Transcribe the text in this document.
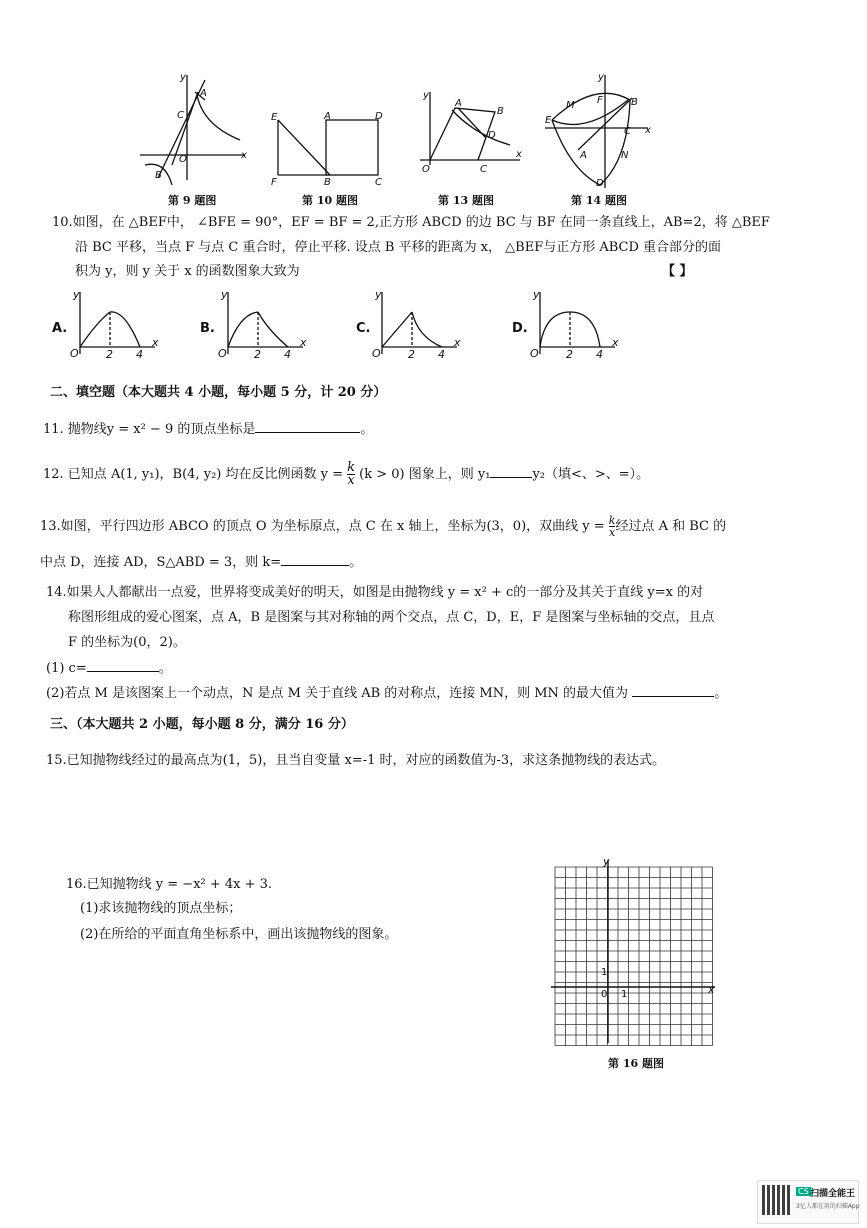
y
x
O
A
B
C	E
F
A	D
B	C
y
x
O
A
B
C
D
y
x
M F	B
E
C
A	N
D
第 9 题图	第 10 题图	第 13 题图	第 14 题图
10.如图，在 △BEF中， ∠BFE = 90°，EF = BF = 2,正方形 ABCD 的边 BC 与 BF 在同一条直线上，AB=2，将 △BEF
沿 BC 平移，当点 F 与点 C 重合时，停止平移. 设点 B 平移的距离为 x， △BEF与正方形 ABCD 重合部分的面
积为 y，则 y 关于 x 的函数图象大致为	【 】
y
x
O 2 4
y
x
O 2 4
y
x
O 2 4
y
x
O 2 4
A.	B.	C.	D.
二、填空题（本大题共 4 小题，每小题 5 分，计 20 分）
11. 抛物线y = x² − 9 的顶点坐标是	。
12. 已知点 A(1, y₁)，B(4, y₂) 均在反比例函数 $y = \frac{k}{x} (k > 0)$ 图象上，则 y₁	y₂（填<、>、=）。
13.如图，平行四边形 ABCO 的顶点 O 为坐标原点，点 C 在 x 轴上，坐标为(3，0)，双曲线 $y = \frac{k}{x}$ 经过点 A 和 BC 的
中点 D，连接 AD，S△ABD = 3，则 k=	。
14.如果人人都献出一点爱，世界将变成美好的明天，如图是由抛物线 y = x² + c的一部分及其关于直线 y=x 的对
称图形组成的爱心图案，点 A，B 是图案与其对称轴的两个交点，点 C，D，E，F 是图案与坐标轴的交点，且点
F 的坐标为(0，2)。
(1) c=	。
(2)若点 M 是该图案上一个动点，N 是点 M 关于直线 AB 的对称点，连接 MN，则 MN 的最大值为	。
三、（本大题共 2 小题，每小题 8 分，满分 16 分）
15.已知抛物线经过的最高点为(1，5)，且当自变量 x=-1 时，对应的函数值为-3，求这条抛物线的表达式。
16.已知抛物线 y = −x² + 4x + 3.
(1)求该抛物线的顶点坐标；
(2)在所给的平面直角坐标系中，画出该抛物线的图象。
y
x
0 1
1
第 16 题图
CS 扫描全能王
3亿人都在用的扫描App
